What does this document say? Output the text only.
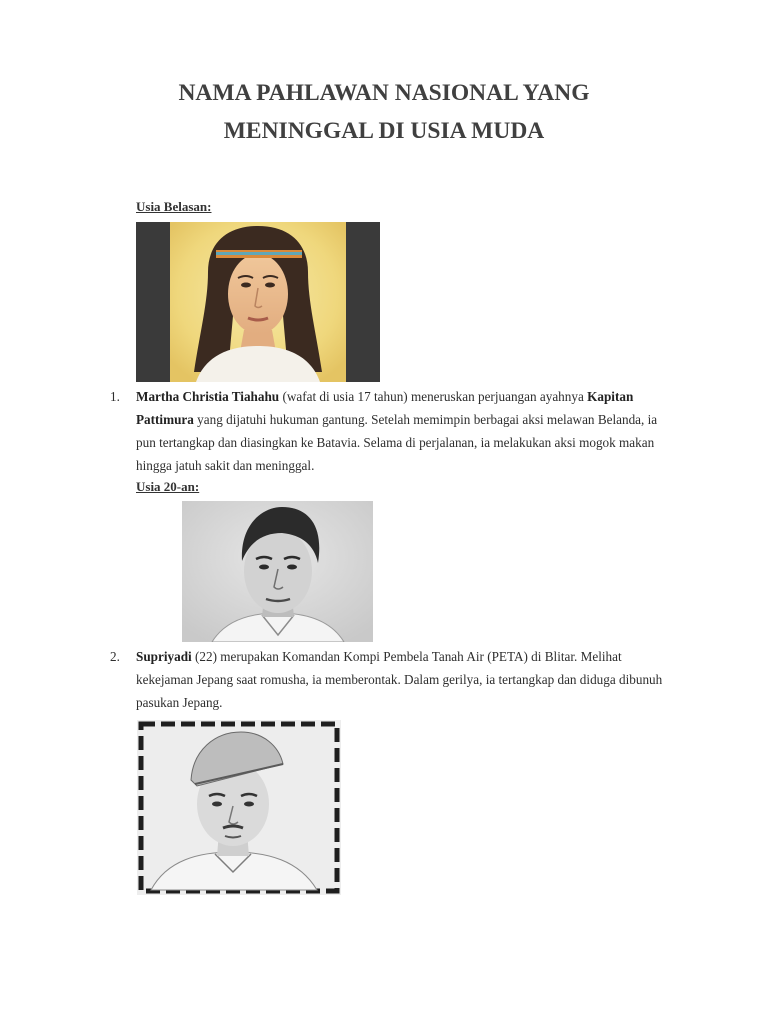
NAMA PAHLAWAN NASIONAL YANG
MENINGGAL DI USIA MUDA
Usia Belasan:
1. Martha Christia Tiahahu (wafat di usia 17 tahun) meneruskan perjuangan ayahnya Kapitan Pattimura yang dijatuhi hukuman gantung. Setelah memimpin berbagai aksi melawan Belanda, ia pun tertangkap dan diasingkan ke Batavia. Selama di perjalanan, ia melakukan aksi mogok makan hingga jatuh sakit dan meninggal.
Usia 20-an:
2. Supriyadi (22) merupakan Komandan Kompi Pembela Tanah Air (PETA) di Blitar. Melihat kekejaman Jepang saat romusha, ia memberontak. Dalam gerilya, ia tertangkap dan diduga dibunuh pasukan Jepang.
